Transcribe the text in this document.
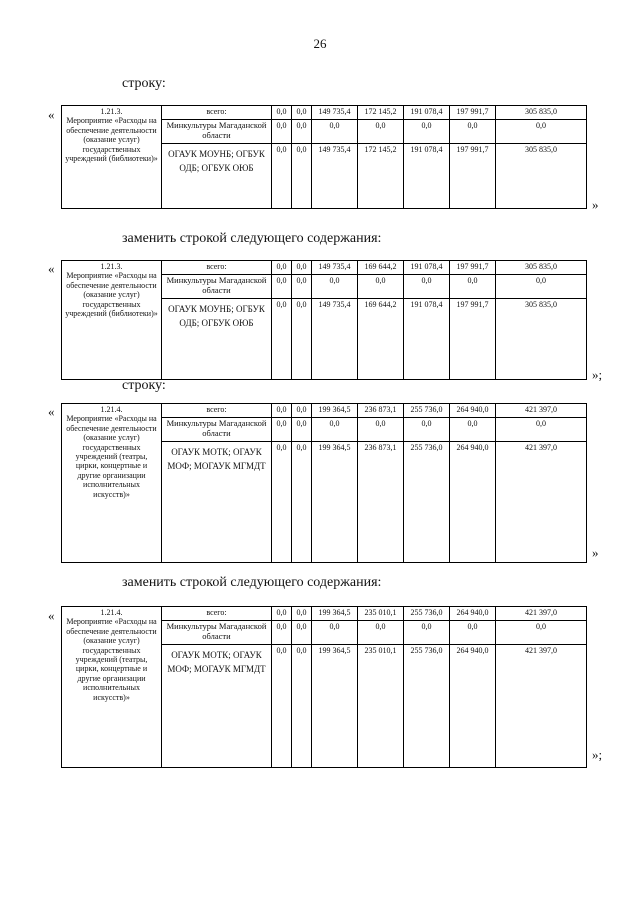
26
строку:
«
»
1.21.3.
Мероприятие «Расходы на обеспечение деятельности (оказание услуг) государственных учреждений (библиотеки)»	всего:	0,0	0,0	149 735,4	172 145,2	191 078,4	197 991,7	305 835,0
	Минкультуры Магаданской области	0,0	0,0	0,0	0,0	0,0	0,0	0,0
	ОГАУК МОУНБ; ОГБУК ОДБ; ОГБУК ОЮБ	0,0	0,0	149 735,4	172 145,2	191 078,4	197 991,7	305 835,0
заменить строкой следующего содержания:
«
»;
1.21.3.
Мероприятие «Расходы на обеспечение деятельности (оказание услуг) государственных учреждений (библиотеки)»	всего:	0,0	0,0	149 735,4	169 644,2	191 078,4	197 991,7	305 835,0
	Минкультуры Магаданской области	0,0	0,0	0,0	0,0	0,0	0,0	0,0
	ОГАУК МОУНБ; ОГБУК ОДБ; ОГБУК ОЮБ	0,0	0,0	149 735,4	169 644,2	191 078,4	197 991,7	305 835,0
строку:
«
»
1.21.4.
Мероприятие «Расходы на обеспечение деятельности (оказание услуг) государственных учреждений (театры, цирки, концертные и другие организации исполнительных искусств)»	всего:	0,0	0,0	199 364,5	236 873,1	255 736,0	264 940,0	421 397,0
	Минкультуры Магаданской области	0,0	0,0	0,0	0,0	0,0	0,0	0,0
	ОГАУК МОТК; ОГАУК МОФ; МОГАУК МГМДТ	0,0	0,0	199 364,5	236 873,1	255 736,0	264 940,0	421 397,0
заменить строкой следующего содержания:
«
»;
1.21.4.
Мероприятие «Расходы на обеспечение деятельности (оказание услуг) государственных учреждений (театры, цирки, концертные и другие организации исполнительных искусств)»	всего:	0,0	0,0	199 364,5	235 010,1	255 736,0	264 940,0	421 397,0
	Минкультуры Магаданской области	0,0	0,0	0,0	0,0	0,0	0,0	0,0
	ОГАУК МОТК; ОГАУК МОФ; МОГАУК МГМДТ	0,0	0,0	199 364,5	235 010,1	255 736,0	264 940,0	421 397,0
